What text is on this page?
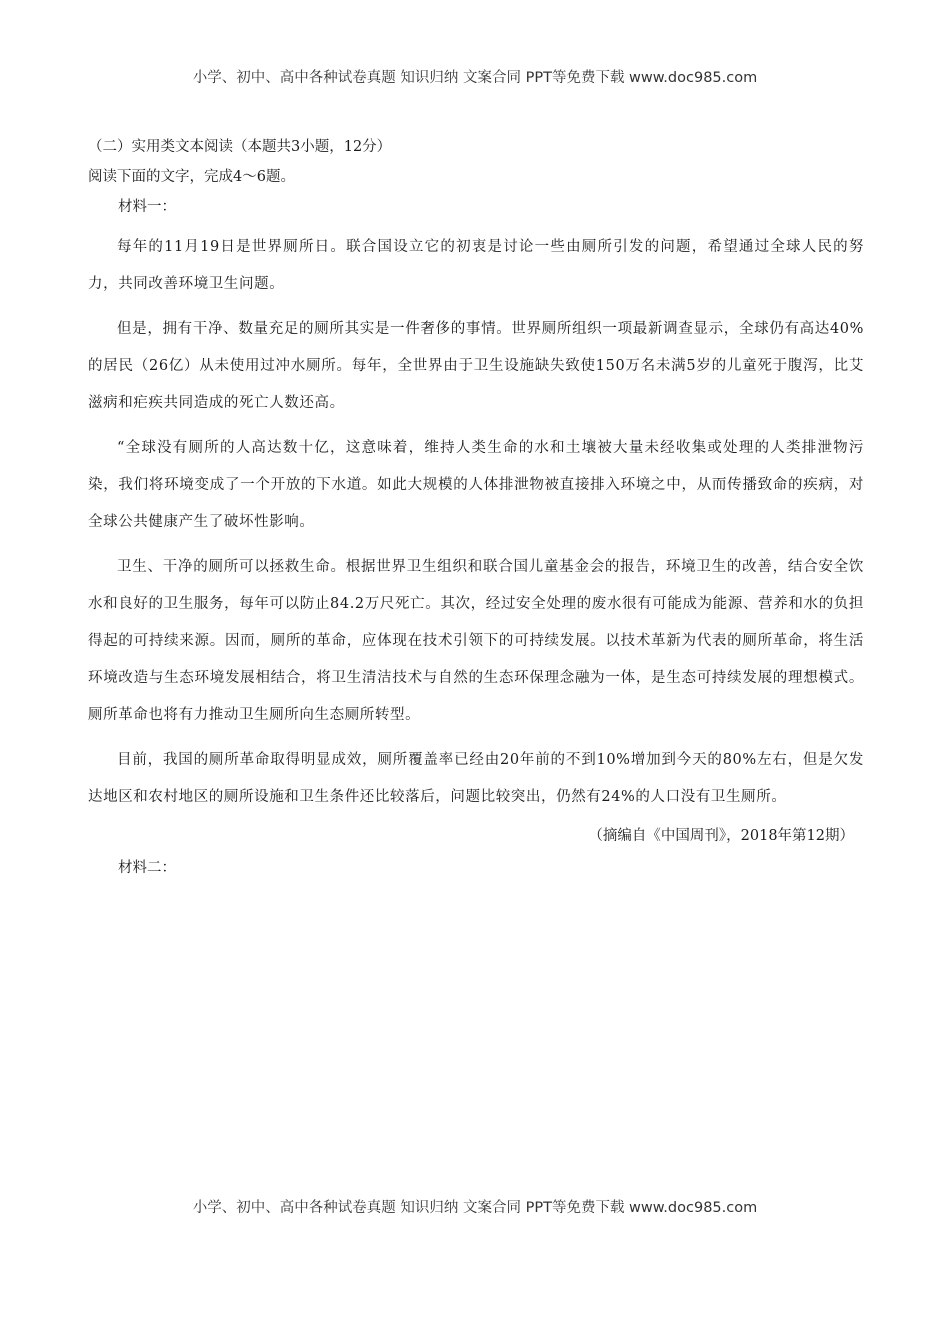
小学、初中、高中各种试卷真题 知识归纳 文案合同 PPT等免费下载 www.doc985.com
（二）实用类文本阅读（本题共3小题，12分）
阅读下面的文字，完成4～6题。
材料一：

每年的11月19日是世界厕所日。联合国设立它的初衷是讨论一些由厕所引发的问题，希望通过全球人民的努力，共同改善环境卫生问题。

但是，拥有干净、数量充足的厕所其实是一件奢侈的事情。世界厕所组织一项最新调查显示，全球仍有高达40%的居民（26亿）从未使用过冲水厕所。每年，全世界由于卫生设施缺失致使150万名未满5岁的儿童死于腹泻，比艾滋病和疟疾共同造成的死亡人数还高。

“全球没有厕所的人高达数十亿，这意味着，维持人类生命的水和土壤被大量未经收集或处理的人类排泄物污染，我们将环境变成了一个开放的下水道。如此大规模的人体排泄物被直接排入环境之中，从而传播致命的疾病，对全球公共健康产生了破坏性影响。

卫生、干净的厕所可以拯救生命。根据世界卫生组织和联合国儿童基金会的报告，环境卫生的改善，结合安全饮水和良好的卫生服务，每年可以防止84.2万尺死亡。其次，经过安全处理的废水很有可能成为能源、营养和水的负担得起的可持续来源。因而，厕所的革命，应体现在技术引领下的可持续发展。以技术革新为代表的厕所革命，将生活环境改造与生态环境发展相结合，将卫生清洁技术与自然的生态环保理念融为一体，是生态可持续发展的理想模式。厕所革命也将有力推动卫生厕所向生态厕所转型。

目前，我国的厕所革命取得明显成效，厕所覆盖率已经由20年前的不到10%增加到今天的80%左右，但是欠发达地区和农村地区的厕所设施和卫生条件还比较落后，问题比较突出，仍然有24%的人口没有卫生厕所。

（摘编自《中国周刊》，2018年第12期）
材料二：
小学、初中、高中各种试卷真题 知识归纳 文案合同 PPT等免费下载 www.doc985.com
